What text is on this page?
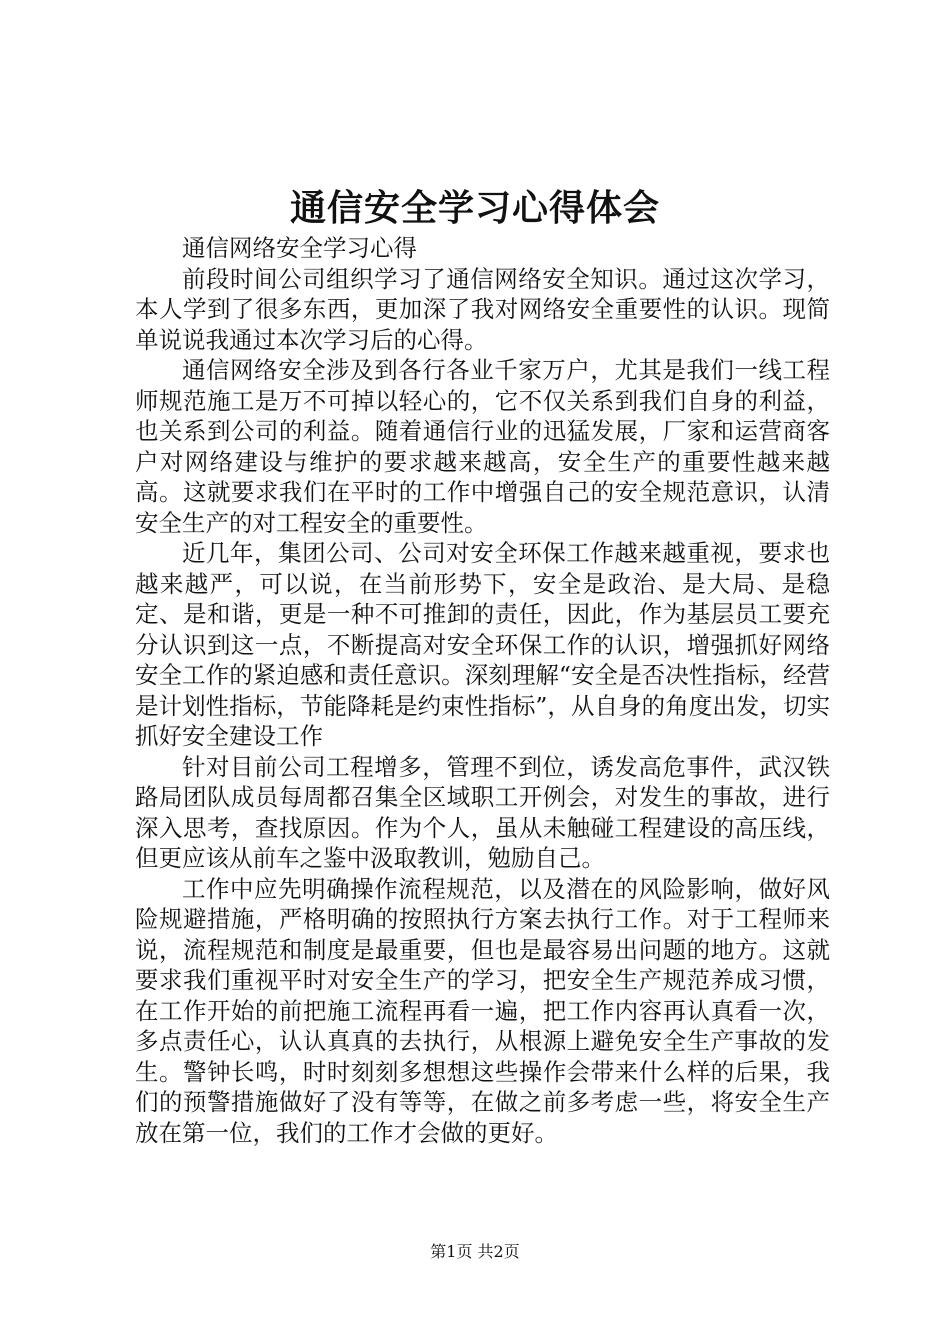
通信安全学习心得体会

通信网络安全学习心得

前段时间公司组织学习了通信网络安全知识。通过这次学习，本人学到了很多东西，更加深了我对网络安全重要性的认识。现简单说说我通过本次学习后的心得。

通信网络安全涉及到各行各业千家万户，尤其是我们一线工程师规范施工是万不可掉以轻心的，它不仅关系到我们自身的利益，也关系到公司的利益。随着通信行业的迅猛发展，厂家和运营商客户对网络建设与维护的要求越来越高，安全生产的重要性越来越高。这就要求我们在平时的工作中增强自己的安全规范意识，认清安全生产的对工程安全的重要性。

近几年，集团公司、公司对安全环保工作越来越重视，要求也越来越严，可以说，在当前形势下，安全是政治、是大局、是稳定、是和谐，更是一种不可推卸的责任，因此，作为基层员工要充分认识到这一点，不断提高对安全环保工作的认识，增强抓好网络安全工作的紧迫感和责任意识。深刻理解“安全是否决性指标，经营是计划性指标，节能降耗是约束性指标”，从自身的角度出发，切实抓好安全建设工作

针对目前公司工程增多，管理不到位，诱发高危事件，武汉铁路局团队成员每周都召集全区域职工开例会，对发生的事故，进行深入思考，查找原因。作为个人，虽从未触碰工程建设的高压线，但更应该从前车之鉴中汲取教训，勉励自己。

工作中应先明确操作流程规范，以及潜在的风险影响，做好风险规避措施，严格明确的按照执行方案去执行工作。对于工程师来说，流程规范和制度是最重要，但也是最容易出问题的地方。这就要求我们重视平时对安全生产的学习，把安全生产规范养成习惯，在工作开始的前把施工流程再看一遍，把工作内容再认真看一次，多点责任心，认认真真的去执行，从根源上避免安全生产事故的发生。警钟长鸣，时时刻刻多想想这些操作会带来什么样的后果，我们的预警措施做好了没有等等，在做之前多考虑一些，将安全生产放在第一位，我们的工作才会做的更好。

第1页 共2页
